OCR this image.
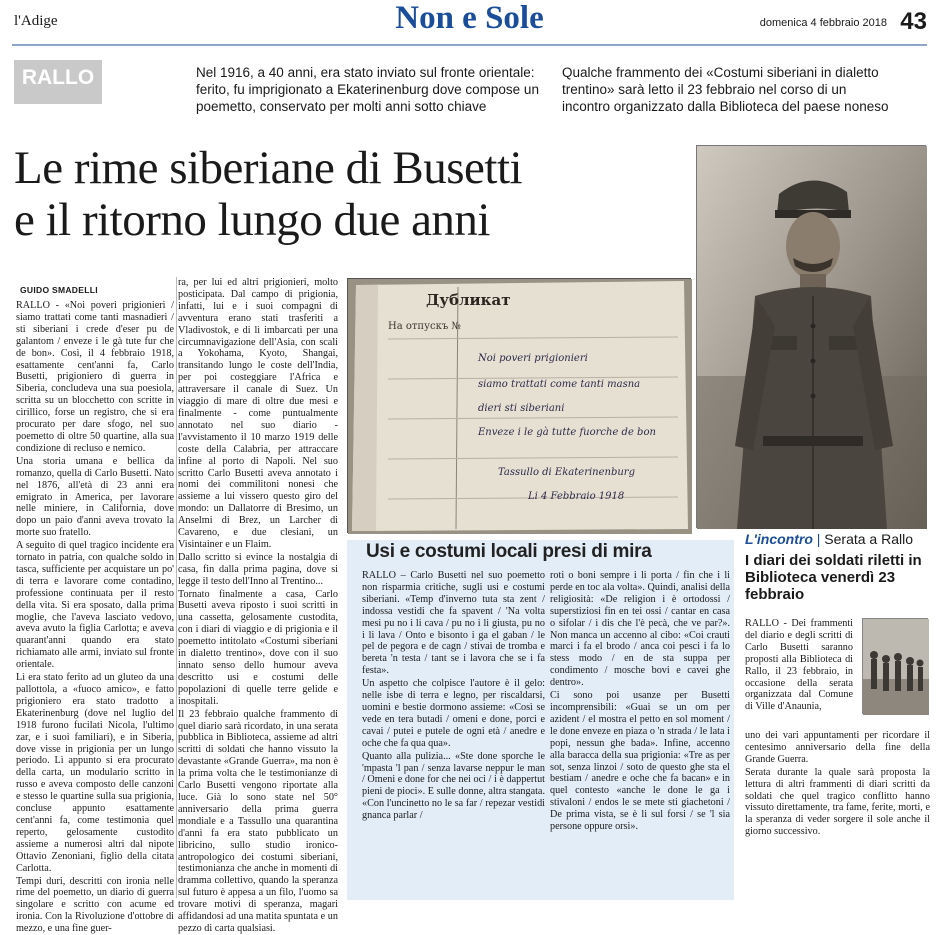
l'Adige	Non e Sole	domenica 4 febbraio 2018 43
RALLO	Nel 1916, a 40 anni, era stato inviato sul fronte orientale: ferito, fu imprigionato a Ekaterinenburg dove compose un poemetto, conservato per molti anni sotto chiave
Qualche frammento dei «Costumi siberiani in dialetto trentino» sarà letto il 23 febbraio nel corso di un incontro organizzato dalla Biblioteca del paese noneso
Le rime siberiane di Busetti
e il ritorno lungo due anni
GUIDO SMADELLI

RALLO - «Noi poveri prigionieri / siamo trattati come tanti masnadieri / sti siberiani i crede d'eser pu de galantom / enveze i le gà tute fur che de bon». Così, il 4 febbraio 1918, esattamente cent'anni fa, Carlo Busetti, prigioniero di guerra in Siberia, concludeva una sua poesiola, scritta su un blocchetto con scritte in cirillico, forse un registro, che si era procurato per dare sfogo, nel suo poemetto di oltre 50 quartine, alla sua condizione di recluso e nemico.

Una storia umana e bellica da romanzo, quella di Carlo Busetti. Nato nel 1876, all'età di 23 anni era emigrato in America, per lavorare nelle miniere, in California, dove dopo un paio d'anni aveva trovato la morte suo fratello.

A seguito di quel tragico incidente era tornato in patria, con qualche soldo in tasca, sufficiente per acquistare un po' di terra e lavorare come contadino, professione continuata per il resto della vita. Si era sposato, dalla prima moglie, che l'aveva lasciato vedovo, aveva avuto la figlia Carlotta; e aveva quarant'anni quando era stato richiamato alle armi, inviato sul fronte orientale.

Lì era stato ferito ad un gluteo da una pallottola, a «fuoco amico», e fatto prigioniero era stato tradotto a Ekaterinenburg (dove nel luglio del 1918 furono fucilati Nicola, l'ultimo zar, e i suoi familiari), e in Siberia, dove visse in prigionia per un lungo periodo. Lì appunto si era procurato della carta, un modulario scritto in russo e aveva composto delle canzoni e stesso le quartine sulla sua prigionia, concluse appunto esattamente cent'anni fa, come testimonia quel reperto, gelosamente custodito assieme a numerosi altri dal nipote Ottavio Zenoniani, figlio della citata Carlotta.

Tempi duri, descritti con ironia nelle rime del poemetto, un diario di guerra singolare e scritto con acume ed ironia. Con la Rivoluzione d'ottobre di mezzo, e una fine guer-

ra, per lui ed altri prigionieri, molto posticipata. Dal campo di prigionia, infatti, lui e i suoi compagni di avventura erano stati trasferiti a Vladivostok, e di lì imbarcati per una circumnavigazione dell'Asia, con scali a Yokohama, Kyoto, Shangai, transitando lungo le coste dell'India, per poi costeggiare l'Africa e attraversare il canale di Suez. Un viaggio di mare di oltre due mesi e finalmente - come puntualmente annotato nel suo diario - l'avvistamento il 10 marzo 1919 delle coste della Calabria, per attraccare infine al porto di Napoli. Nel suo scritto Carlo Busetti aveva annotato i nomi dei commilitoni nonesi che assieme a lui vissero questo giro del mondo: un Dallatorre di Bresimo, un Anselmi di Brez, un Larcher di Cavareno, e due clesiani, un Visintainer e un Flaim.

Dallo scritto si evince la nostalgia di casa, fin dalla prima pagina, dove si legge il testo dell'Inno al Trentino...

Tornato finalmente a casa, Carlo Busetti aveva riposto i suoi scritti in una cassetta, gelosamente custodita, con i diari di viaggio e di prigionia e il poemetto intitolato «Costumi siberiani in dialetto trentino», dove con il suo innato senso dello humour aveva descritto usi e costumi delle popolazioni di quelle terre gelide e inospitali.

Il 23 febbraio qualche frammento di quel diario sarà ricordato, in una serata pubblica in Biblioteca, assieme ad altri scritti di soldati che hanno vissuto la devastante «Grande Guerra», ma non è la prima volta che le testimonianze di Carlo Busetti vengono riportate alla luce. Già lo sono state nel 50° anniversario della prima guerra mondiale e a Tassullo una quarantina d'anni fa era stato pubblicato un libricino, sullo studio ironico-antropologico dei costumi siberiani, testimonianza che anche in momenti di dramma collettivo, quando la speranza sul futuro è appesa a un filo, l'uomo sa trovare motivi di speranza, magari affidandosi ad una matita spuntata e un pezzo di carta qualsiasi.

Дубликат
На отпускъ №
Noi poveri prigionieri
siamo trattati come tanti masna
dieri sti siberiani
Enveze i le gà tutte fuorche de bon
Tassullo di Ekaterinenburg
Li 4 Febbraio 1918
Usi e costumi locali presi di mira

RALLO – Carlo Busetti nel suo poemetto non risparmia critiche, sugli usi e costumi siberiani. «Temp d'inverno tuta sta zent / indossa vestidi che fa spavent / 'Na volta mesi pu no i li cava / pu no i li giusta, pu no i li lava / Onto e bisonto i ga el gaban / le pel de pegora e de cagn / stivai de tromba e bereta 'n testa / tant se i lavora che se i fa festa».

Un aspetto che colpisce l'autore è il gelo: nelle isbe di terra e legno, per riscaldarsi, uomini e bestie dormono assieme: «Così se vede en tera butadi / omeni e done, porci e cavai / putei e putele de ogni età / anedre e oche che fa qua qua».

Quanto alla pulizia... «Ste done sporche le 'mpasta 'l pan / senza lavarse neppur le man / Omeni e done for che nei oci / i è dappertut pieni de pioci». E sulle donne, altra stangata. «Con l'uncinetto no le sa far / repezar vestidi gnanca parlar /

roti o boni sempre i li porta / fin che i li perde en toc ala volta». Quindi, analisi della religiosità: «De religion i è ortodossi / superstiziosi fin en tei ossi / cantar en casa o sifolar / i dis che l'è pecà, che ve par?». Non manca un accenno al cibo: «Coi crauti marci i fa el brodo / anca coi pesci i fa lo stess modo / en de sta suppa per condimento / mosche bovi e cavei ghe dentro».

Ci sono poi usanze per Busetti incomprensibili: «Guai se un om per azident / el mostra el petto en sol moment / le done enveze en piaza o 'n strada / le lata i popi, nessun ghe bada». Infine, accenno alla baracca della sua prigionia: «Tre as per sot, senza linzoi / soto de questo ghe sta el bestiam / anedre e oche che fa bacan» e in quel contesto «anche le done le ga i stivaloni / endos le se mete sti giachetoni / De prima vista, se è li sul forsi / se 'l sia persone oppure orsi».

L'incontro | Serata a Rallo
I diari dei soldati riletti in Biblioteca venerdì 23 febbraio
RALLO - Dei frammenti del diario e degli scritti di Carlo Busetti saranno proposti alla Biblioteca di Rallo, il 23 febbraio, in occasione della serata organizzata dal Comune di Ville d'Anaunia,

uno dei vari appuntamenti per ricordare il centesimo anniversario della fine della Grande Guerra.

Serata durante la quale sarà proposta la lettura di altri frammenti di diari scritti da soldati che quel tragico conflitto hanno vissuto direttamente, tra fame, ferite, morti, e la speranza di veder sorgere il sole anche il giorno successivo.
